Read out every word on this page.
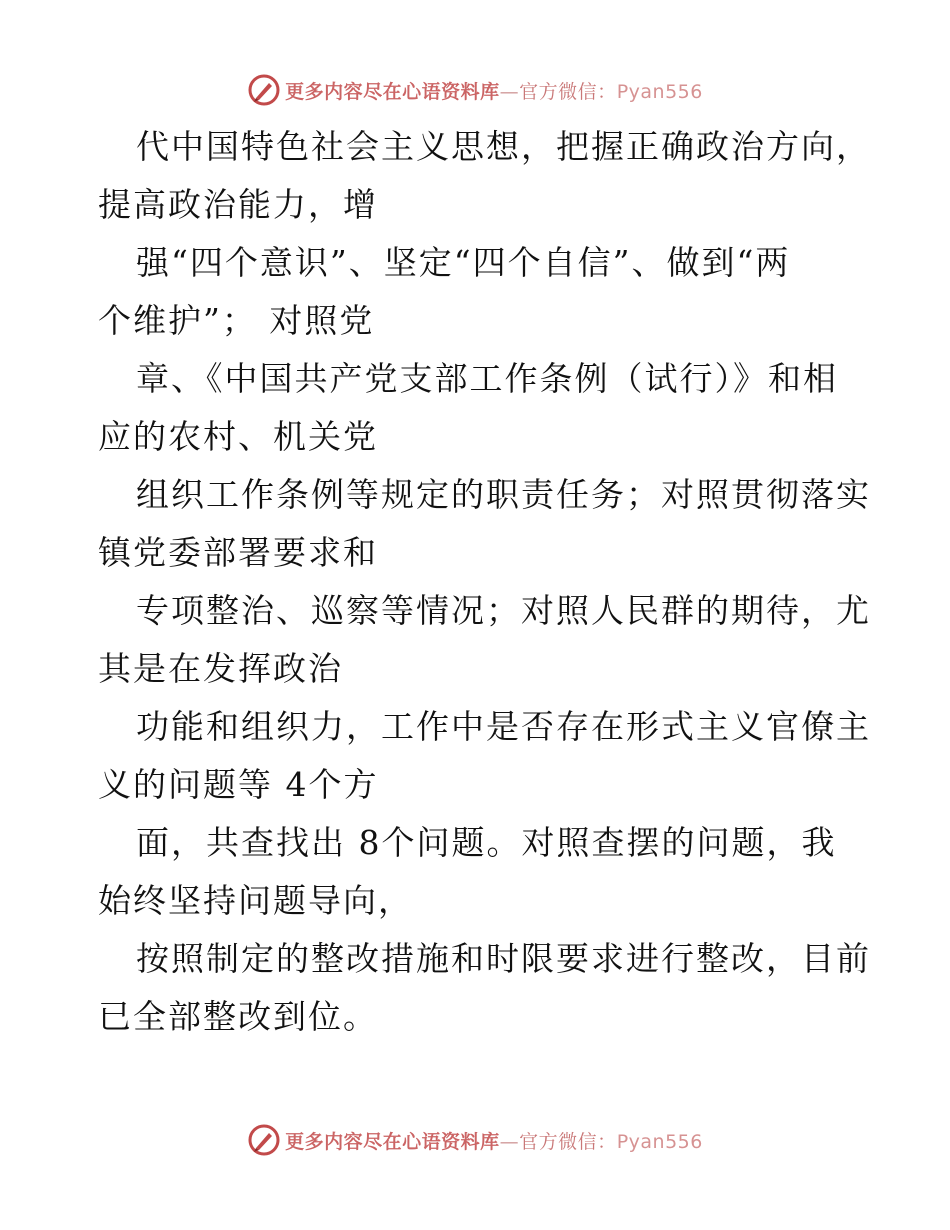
更多内容尽在心语资料库—官方微信：Pyan556
代中国特色社会主义思想，把握正确政治方向，
提高政治能力，增
强“四个意识”、坚定“四个自信”、做到“两
个维护”； 对照党
章、《中国共产党支部工作条例（试行）》和相
应的农村、机关党
组织工作条例等规定的职责任务；对照贯彻落实
镇党委部署要求和
专项整治、巡察等情况；对照人民群的期待，尤
其是在发挥政治
功能和组织力，工作中是否存在形式主义官僚主
义的问题等 4个方
面，共查找出 8个问题。对照查摆的问题，我
始终坚持问题导向，
按照制定的整改措施和时限要求进行整改，目前
已全部整改到位。
更多内容尽在心语资料库—官方微信：Pyan556
